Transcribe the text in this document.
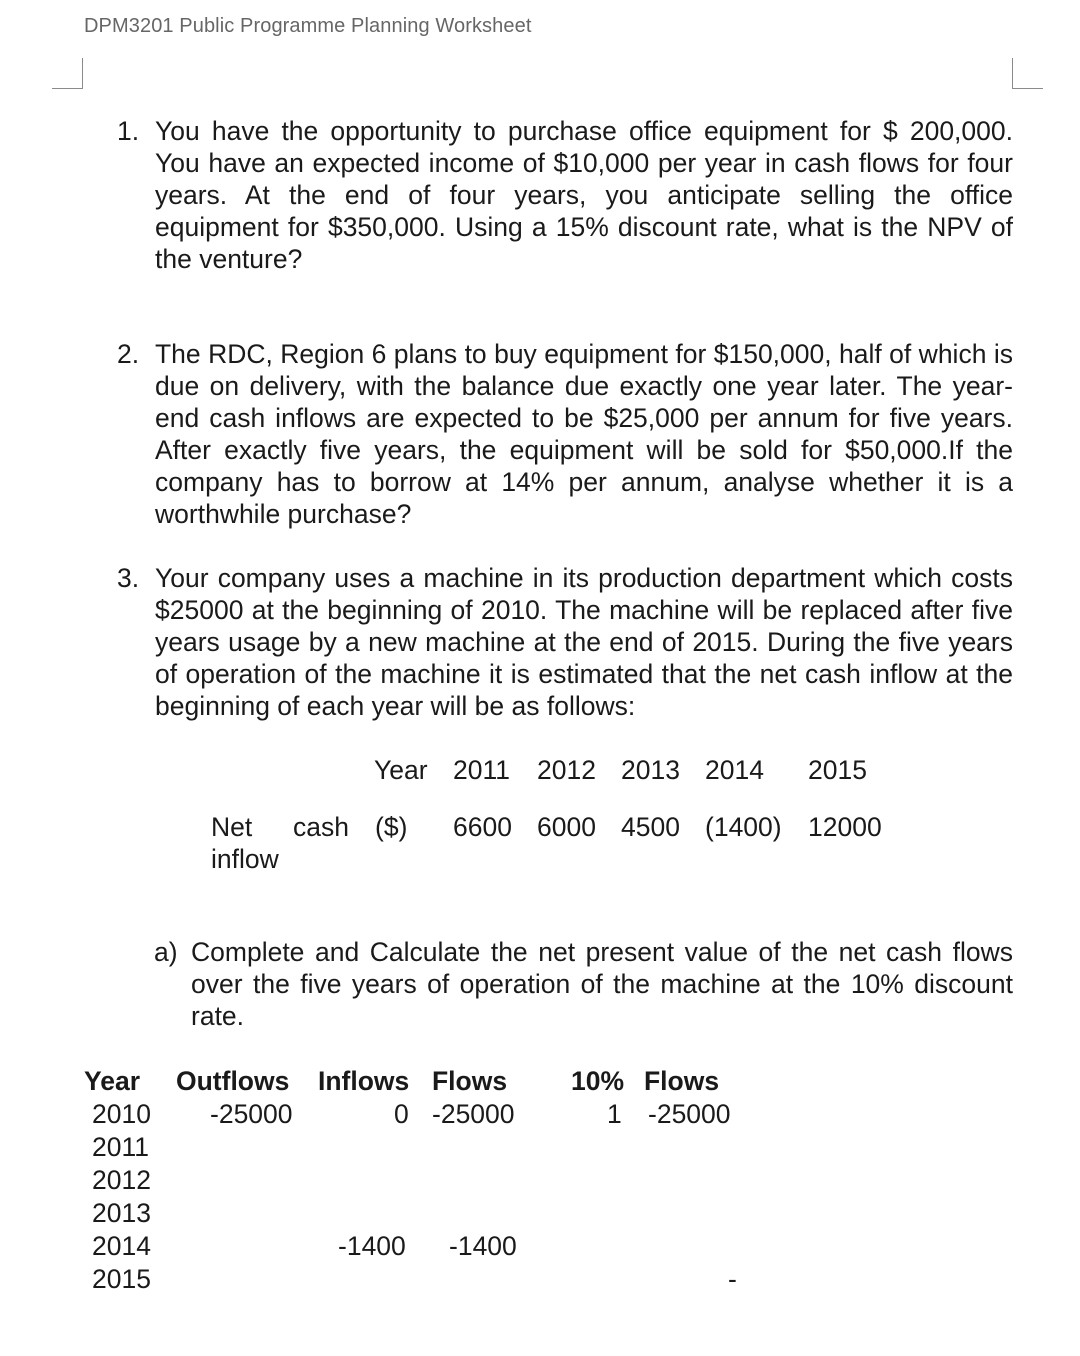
DPM3201 Public Programme Planning Worksheet
1. You have the opportunity to purchase office equipment for $ 200,000. You have an expected income of $10,000 per year in cash flows for four years. At the end of four years, you anticipate selling the office equipment for $350,000. Using a 15% discount rate, what is the NPV of the venture?
2. The RDC, Region 6 plans to buy equipment for $150,000, half of which is due on delivery, with the balance due exactly one year later. The year-end cash inflows are expected to be $25,000 per annum for five years. After exactly five years, the equipment will be sold for $50,000.If the company has to borrow at 14% per annum, analyse whether it is a worthwhile purchase?
3. Your company uses a machine in its production department which costs $25000 at the beginning of 2010. The machine will be replaced after five years usage by a new machine at the end of 2015. During the five years of operation of the machine it is estimated that the net cash inflow at the beginning of each year will be as follows:
Year 2011 2012 2013 2014 2015
Net cash ($)
inflow
6600 6000 4500 (1400) 12000
a) Complete and Calculate the net present value of the net cash flows over the five years of operation of the machine at the 10% discount rate.
Year Outflows Inflows Flows 10% Flows
2010
2011
2012
2013
2014
2015
-25000	0 -25000	1 -25000
-1400 -1400
-
